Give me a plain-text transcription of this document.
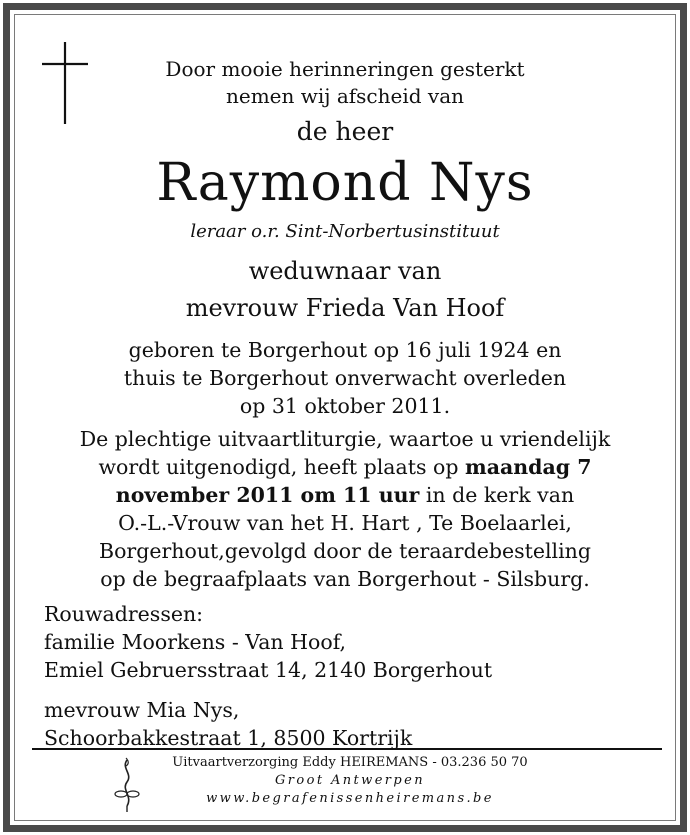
Door mooie herinneringen gesterkt
nemen wij afscheid van
de heer
Raymond Nys
leraar o.r. Sint-Norbertusinstituut
weduwnaar van
mevrouw Frieda Van Hoof
geboren te Borgerhout op 16 juli 1924 en
thuis te Borgerhout onverwacht overleden
op 31 oktober 2011.
De plechtige uitvaartliturgie, waartoe u vriendelijk
wordt uitgenodigd, heeft plaats op maandag 7
november 2011 om 11 uur in de kerk van
O.-L.-Vrouw van het H. Hart , Te Boelaarlei,
Borgerhout,gevolgd door de teraardebestelling
op de begraafplaats van Borgerhout - Silsburg.
Rouwadressen:
familie Moorkens - Van Hoof,
Emiel Gebruersstraat 14, 2140 Borgerhout
mevrouw Mia Nys,
Schoorbakkestraat 1, 8500 Kortrijk
Uitvaartverzorging Eddy HEIREMANS - 03.236 50 70
Groot Antwerpen
www.begrafenissenheiremans.be
